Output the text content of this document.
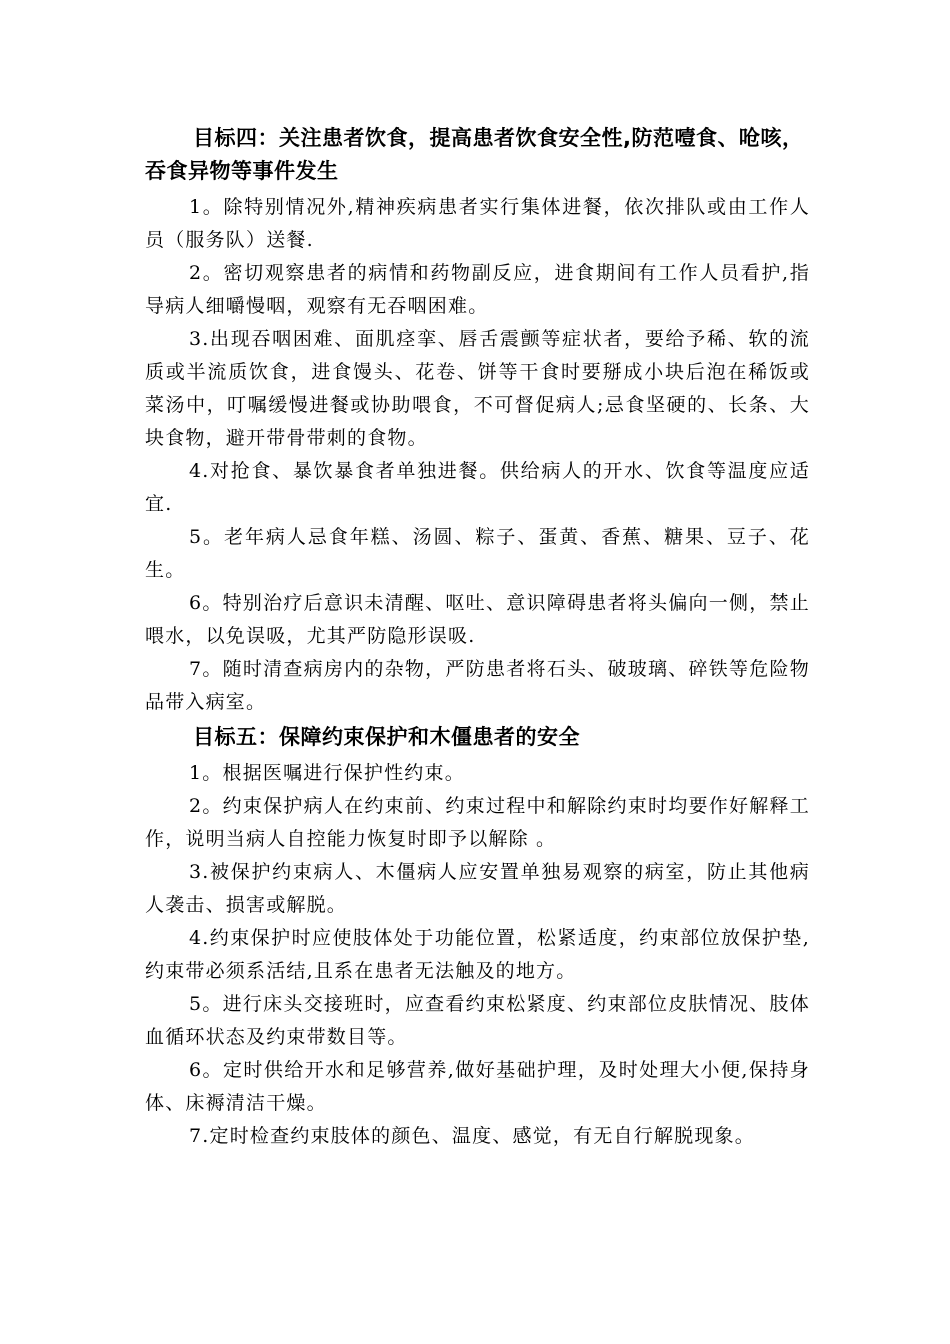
目标四：关注患者饮食，提高患者饮食安全性,防范噎食、呛咳，吞食异物等事件发生

1。除特别情况外,精神疾病患者实行集体进餐，依次排队或由工作人员（服务队）送餐.

2。密切观察患者的病情和药物副反应，进食期间有工作人员看护,指导病人细嚼慢咽，观察有无吞咽困难。

3.出现吞咽困难、面肌痉挛、唇舌震颤等症状者，要给予稀、软的流质或半流质饮食，进食馒头、花卷、饼等干食时要掰成小块后泡在稀饭或菜汤中，叮嘱缓慢进餐或协助喂食，不可督促病人;忌食坚硬的、长条、大块食物，避开带骨带刺的食物。

4.对抢食、暴饮暴食者单独进餐。供给病人的开水、饮食等温度应适宜.

5。老年病人忌食年糕、汤圆、粽子、蛋黄、香蕉、糖果、豆子、花生。

6。特别治疗后意识未清醒、呕吐、意识障碍患者将头偏向一侧，禁止喂水，以免误吸，尤其严防隐形误吸.

7。随时清查病房内的杂物，严防患者将石头、破玻璃、碎铁等危险物品带入病室。

目标五：保障约束保护和木僵患者的安全

1。根据医嘱进行保护性约束。

2。约束保护病人在约束前、约束过程中和解除约束时均要作好解释工作，说明当病人自控能力恢复时即予以解除 。

3.被保护约束病人、木僵病人应安置单独易观察的病室，防止其他病人袭击、损害或解脱。

4.约束保护时应使肢体处于功能位置，松紧适度，约束部位放保护垫,约束带必须系活结,且系在患者无法触及的地方。

5。进行床头交接班时，应查看约束松紧度、约束部位皮肤情况、肢体血循环状态及约束带数目等。

6。定时供给开水和足够营养,做好基础护理，及时处理大小便,保持身体、床褥清洁干燥。

7.定时检查约束肢体的颜色、温度、感觉，有无自行解脱现象。
